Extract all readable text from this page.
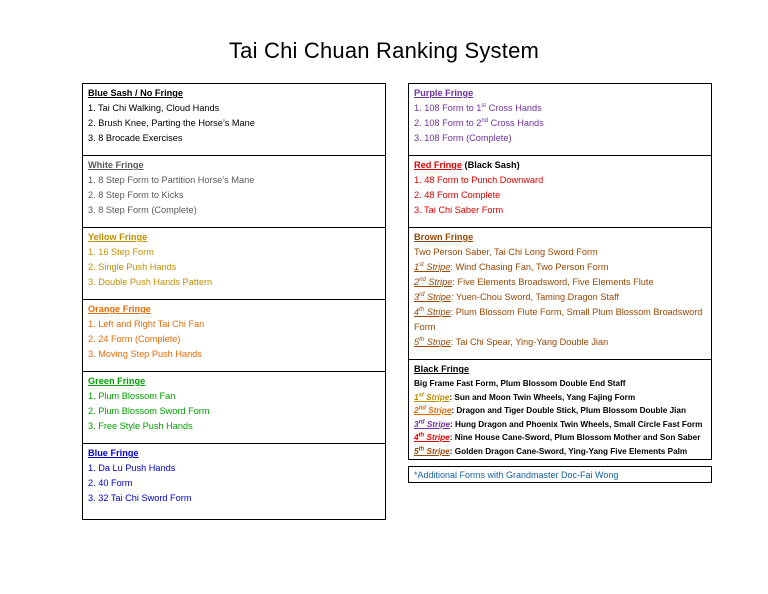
Tai Chi Chuan Ranking System
Blue Sash / No Fringe
1. Tai Chi Walking, Cloud Hands
2. Brush Knee, Parting the Horse’s Mane
3. 8 Brocade Exercises
White Fringe
1. 8 Step Form to Partition Horse’s Mane
2. 8 Step Form to Kicks
3. 8 Step Form (Complete)
Yellow Fringe
1. 16 Step Form
2. Single Push Hands
3. Double Push Hands Pattern
Orange Fringe
1. Left and Right Tai Chi Fan
2. 24 Form (Complete)
3. Moving Step Push Hands
Green Fringe
1. Plum Blossom Fan
2. Plum Blossom Sword Form
3. Free Style Push Hands
Blue Fringe
1. Da Lu Push Hands
2. 40 Form
3. 32 Tai Chi Sword Form
Purple Fringe
1. 108 Form to 1st Cross Hands
2. 108 Form to 2nd Cross Hands
3. 108 Form (Complete)
Red Fringe (Black Sash)
1. 48 Form to Punch Downward
2. 48 Form Complete
3. Tai Chi Saber Form
Brown Fringe
Two Person Saber, Tai Chi Long Sword Form
1st Stripe: Wind Chasing Fan, Two Person Form
2nd Stripe: Five Elements Broadsword, Five Elements Flute
3rd Stripe: Yuen-Chou Sword, Taming Dragon Staff
4th Stripe: Plum Blossom Flute Form, Small Plum Blossom Broadsword Form
5th Stripe: Tai Chi Spear, Ying-Yang Double Jian
Black Fringe
Big Frame Fast Form, Plum Blossom Double End Staff
1st Stripe: Sun and Moon Twin Wheels, Yang Fajing Form
2nd Stripe: Dragon and Tiger Double Stick, Plum Blossom Double Jian
3rd Stripe: Hung Dragon and Phoenix Twin Wheels, Small Circle Fast Form
4th Stripe: Nine House Cane-Sword, Plum Blossom Mother and Son Saber
5th Stripe: Golden Dragon Cane-Sword, Ying-Yang Five Elements Palm
*Additional Forms with Grandmaster Doc-Fai Wong
